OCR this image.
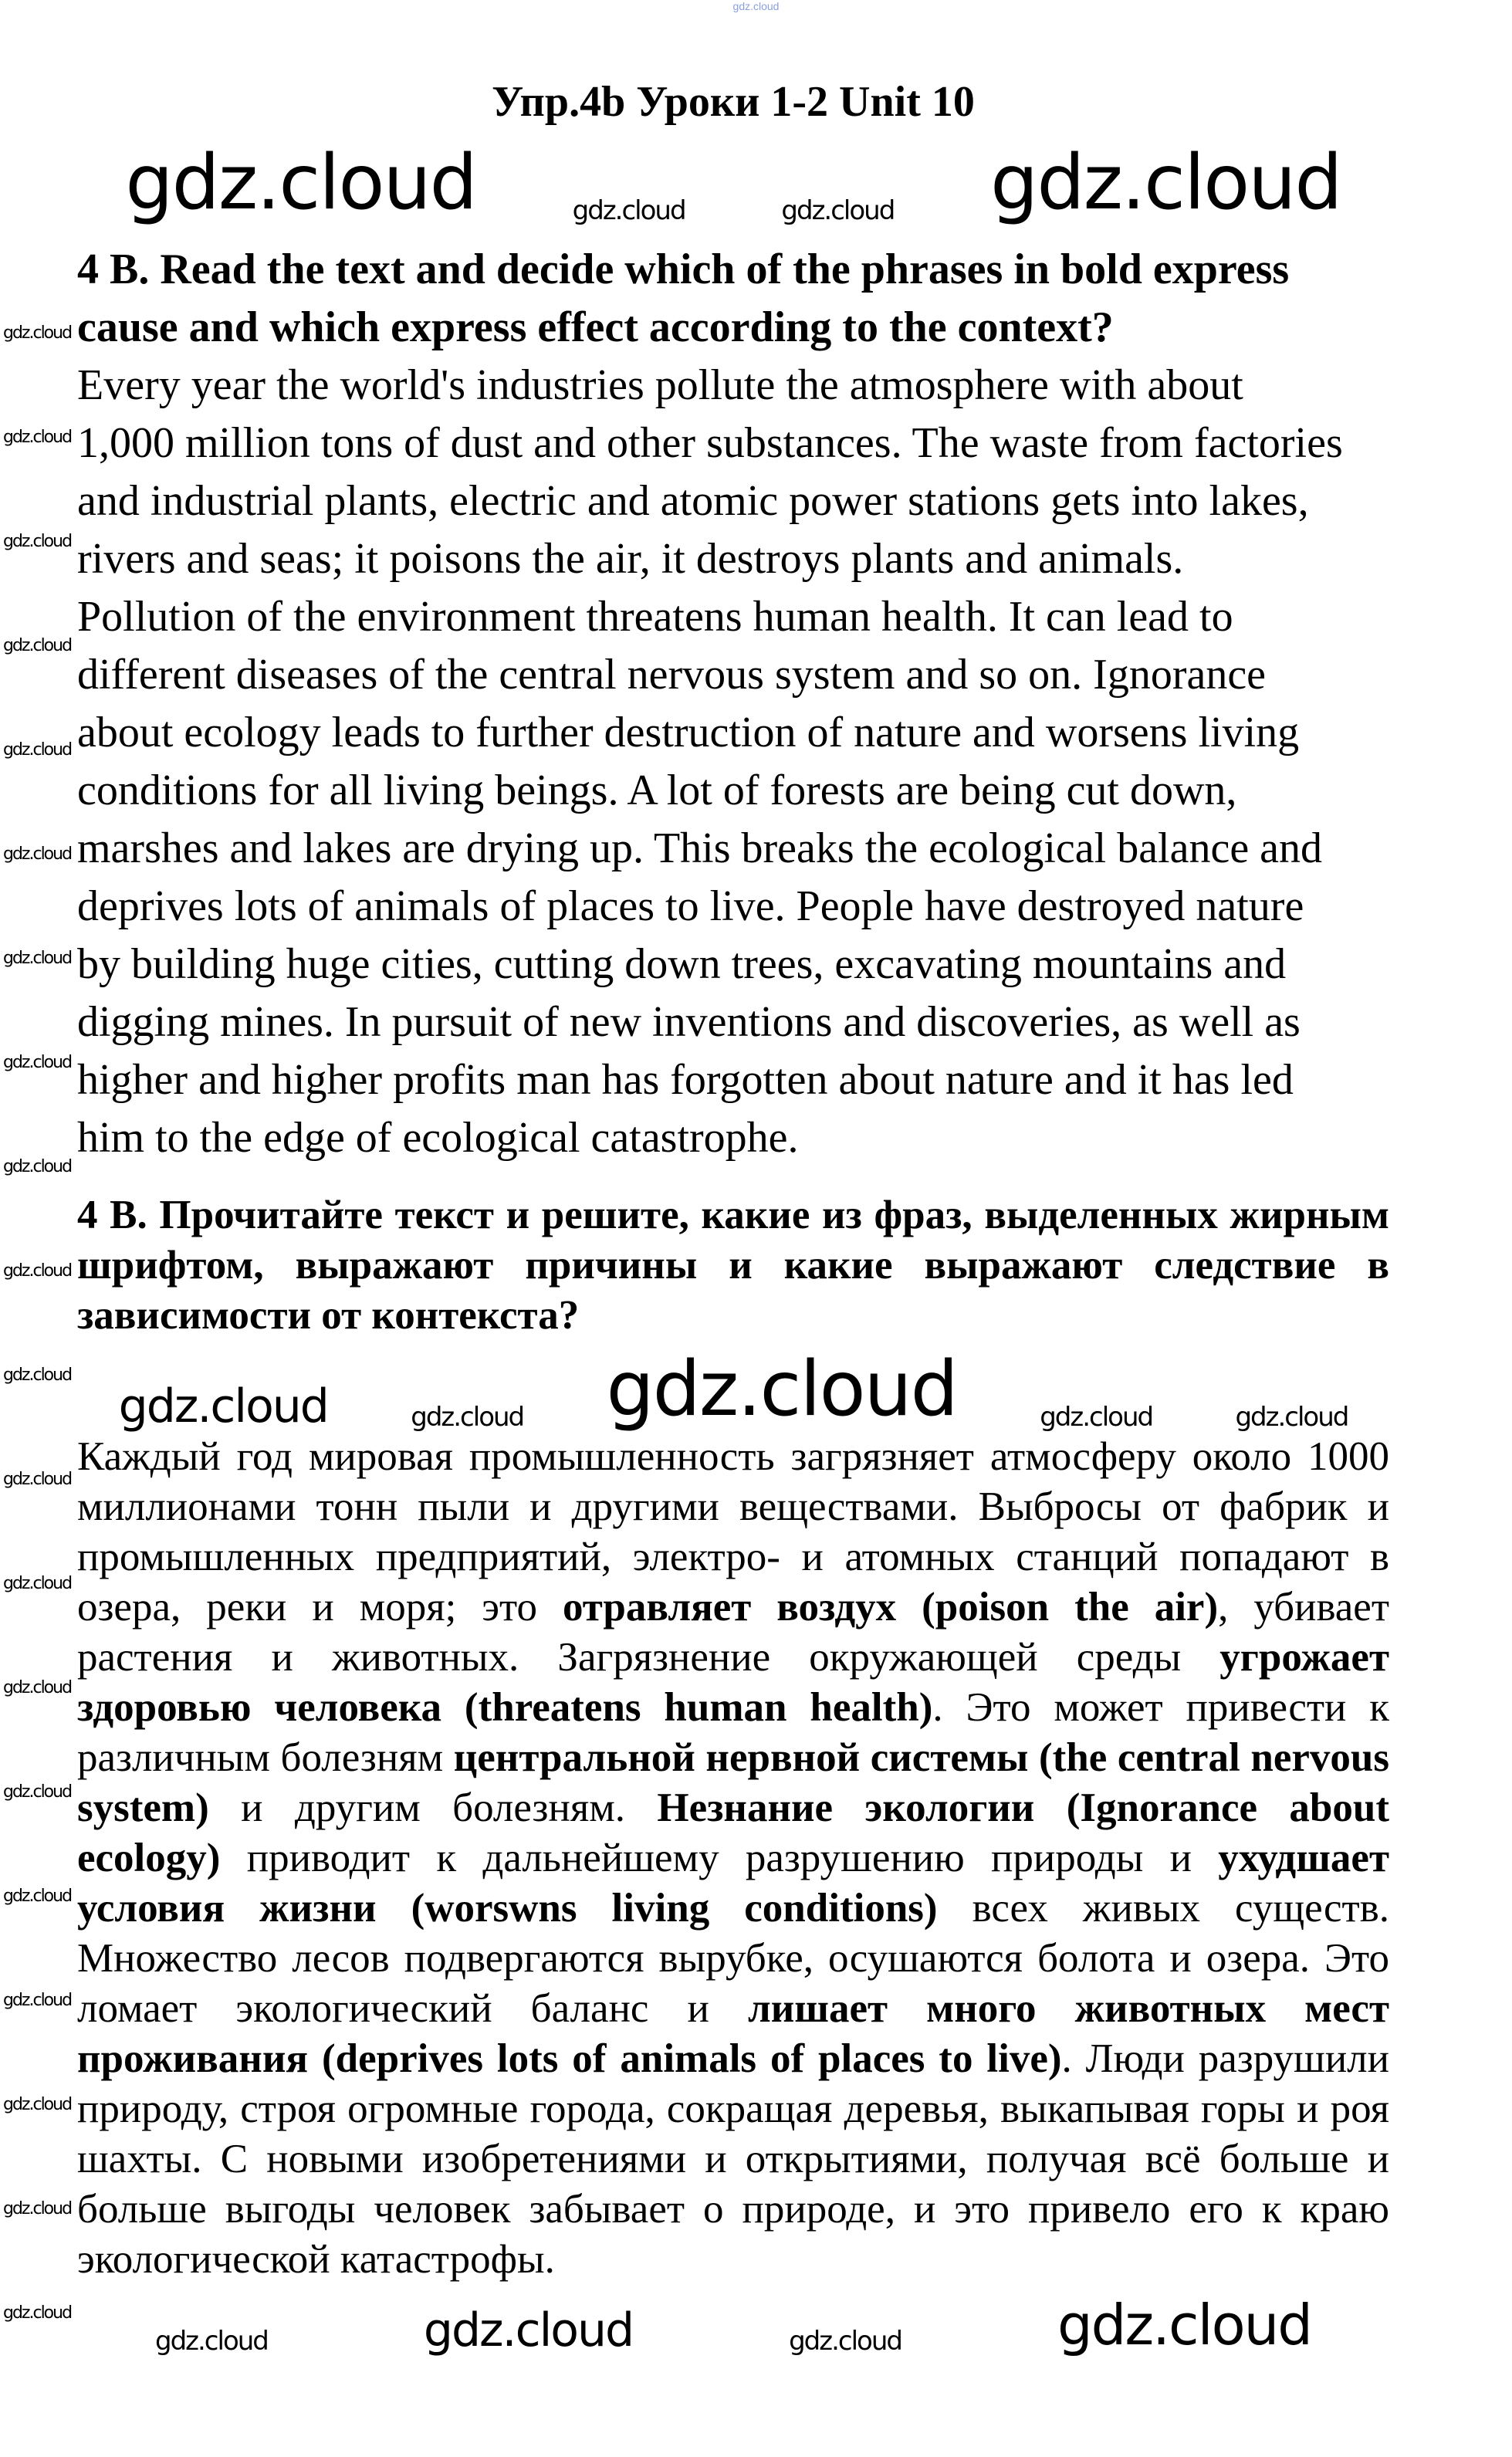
gdz.cloud
Упр.4b Уроки 1-2 Unit 10
gdz.cloud	gdz.cloud	gdz.cloud gdz.cloud
4 B. Read the text and decide which of the phrases in bold express
cause and which express effect according to the context?
Every year the world's industries pollute the atmosphere with about
1,000 million tons of dust and other substances. The waste from factories
and industrial plants, electric and atomic power stations gets into lakes,
rivers and seas; it poisons the air, it destroys plants and animals.
Pollution of the environment threatens human health. It can lead to
different diseases of the central nervous system and so on. Ignorance
about ecology leads to further destruction of nature and worsens living
conditions for all living beings. A lot of forests are being cut down,
marshes and lakes are drying up. This breaks the ecological balance and
deprives lots of animals of places to live. People have destroyed nature
by building huge cities, cutting down trees, excavating mountains and
digging mines. In pursuit of new inventions and discoveries, as well as
higher and higher profits man has forgotten about nature and it has led
him to the edge of ecological catastrophe.
4 В. Прочитайте текст и решите, какие из фраз, выделенных жирным шрифтом, выражают причины и какие выражают следствие в зависимости от контекста?
gdz.cloud	gdz.cloud gdz.cloud	gdz.cloud	gdz.cloud
Каждый год мировая промышленность загрязняет атмосферу около 1000 миллионами тонн пыли и другими веществами. Выбросы от фабрик и промышленных предприятий, электро- и атомных станций попадают в озера, реки и моря; это отравляет воздух (poison the air), убивает растения и животных. Загрязнение окружающей среды угрожает здоровью человека (threatens human health). Это может привести к различным болезням центральной нервной системы (the central nervous system) и другим болезням. Незнание экологии (Ignorance about ecology) приводит к дальнейшему разрушению природы и ухудшает условия жизни (worswns living conditions) всех живых существ. Множество лесов подвергаются вырубке, осушаются болота и озера. Это ломает экологический баланс и лишает много животных мест проживания (deprives lots of animals of places to live). Люди разрушили природу, строя огромные города, сокращая деревья, выкапывая горы и роя шахты. С новыми изобретениями и открытиями, получая всё больше и больше выгоды человек забывает о природе, и это привело его к краю экологической катастрофы.
gdz.cloud	gdz.cloud	gdz.cloud	gdz.cloud
gdz.cloud
gdz.cloud
gdz.cloud
gdz.cloud
gdz.cloud
gdz.cloud
gdz.cloud
gdz.cloud
gdz.cloud
gdz.cloud
gdz.cloud
gdz.cloud
gdz.cloud
gdz.cloud
gdz.cloud
gdz.cloud
gdz.cloud
gdz.cloud
gdz.cloud
gdz.cloud
